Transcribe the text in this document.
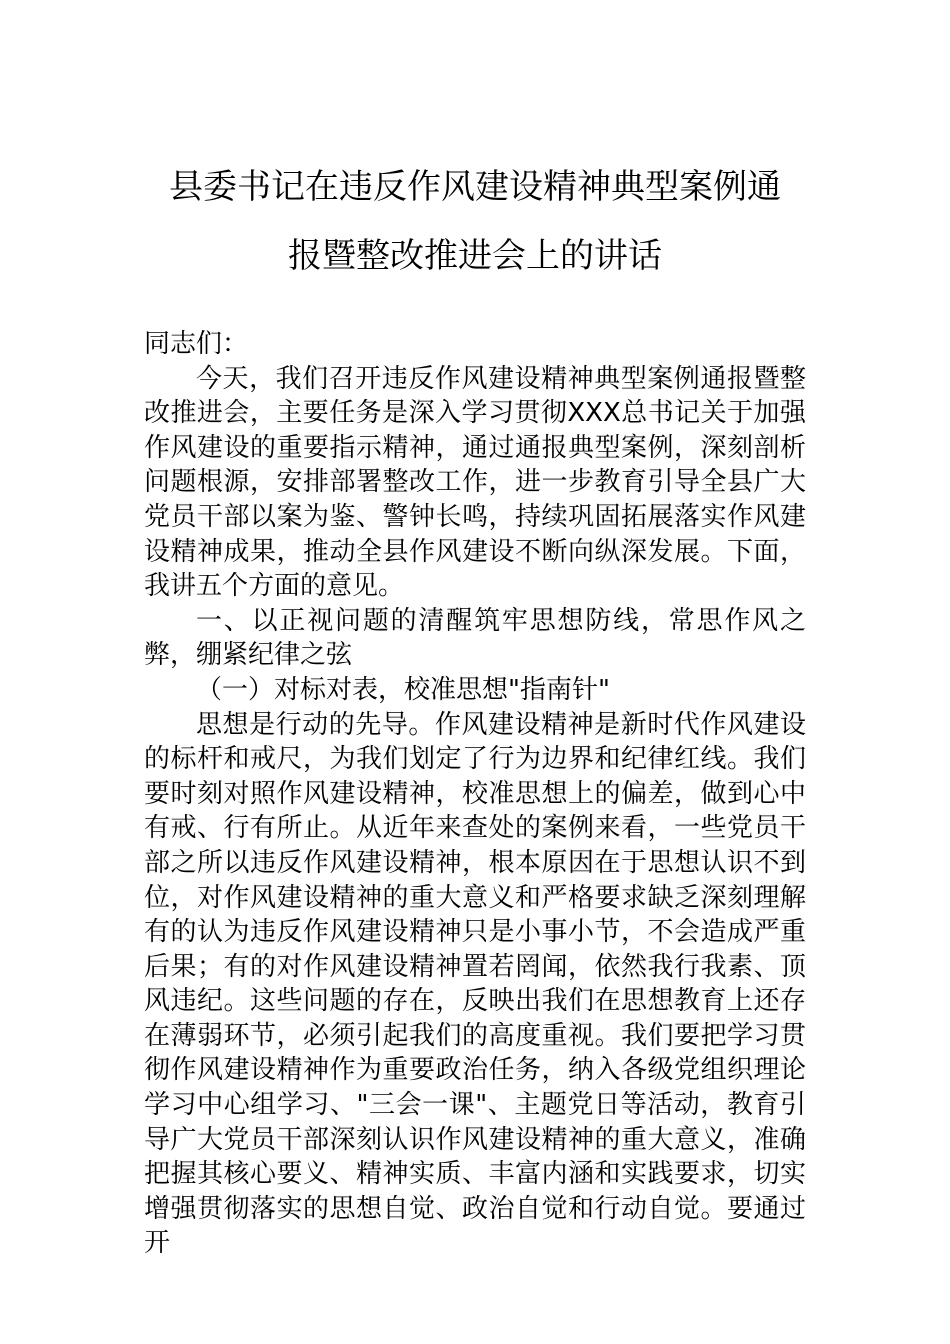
县委书记在违反作风建设精神典型案例通
报暨整改推进会上的讲话

同志们：

今天，我们召开违反作风建设精神典型案例通报暨整改推进会，主要任务是深入学习贯彻XXX总书记关于加强作风建设的重要指示精神，通过通报典型案例，深刻剖析问题根源，安排部署整改工作，进一步教育引导全县广大党员干部以案为鉴、警钟长鸣，持续巩固拓展落实作风建设精神成果，推动全县作风建设不断向纵深发展。下面，我讲五个方面的意见。

一、以正视问题的清醒筑牢思想防线，常思作风之弊，绷紧纪律之弦

（一）对标对表，校准思想"指南针"

思想是行动的先导。作风建设精神是新时代作风建设的标杆和戒尺，为我们划定了行为边界和纪律红线。我们要时刻对照作风建设精神，校准思想上的偏差，做到心中有戒、行有所止。从近年来查处的案例来看，一些党员干部之所以违反作风建设精神，根本原因在于思想认识不到位，对作风建设精神的重大意义和严格要求缺乏深刻理解有的认为违反作风建设精神只是小事小节，不会造成严重后果；有的对作风建设精神置若罔闻，依然我行我素、顶风违纪。这些问题的存在，反映出我们在思想教育上还存在薄弱环节，必须引起我们的高度重视。我们要把学习贯彻作风建设精神作为重要政治任务，纳入各级党组织理论学习中心组学习、"三会一课"、主题党日等活动，教育引导广大党员干部深刻认识作风建设精神的重大意义，准确把握其核心要义、精神实质、丰富内涵和实践要求，切实增强贯彻落实的思想自觉、政治自觉和行动自觉。要通过开
